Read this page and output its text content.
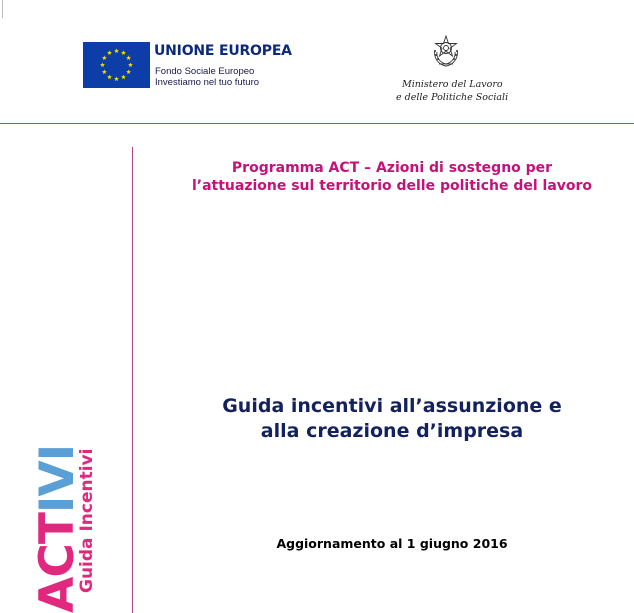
UNIONE EUROPEA
Fondo Sociale Europeo
Investiamo nel tuo futuro	Ministero del Lavoro
e delle Politiche Sociali
Programma ACT – Azioni di sostegno per
l’attuazione sul territorio delle politiche del lavoro
Guida incentivi all’assunzione e
alla creazione d’impresa
Aggiornamento al 1 giugno 2016
ACTIVI
Guida Incentivi
